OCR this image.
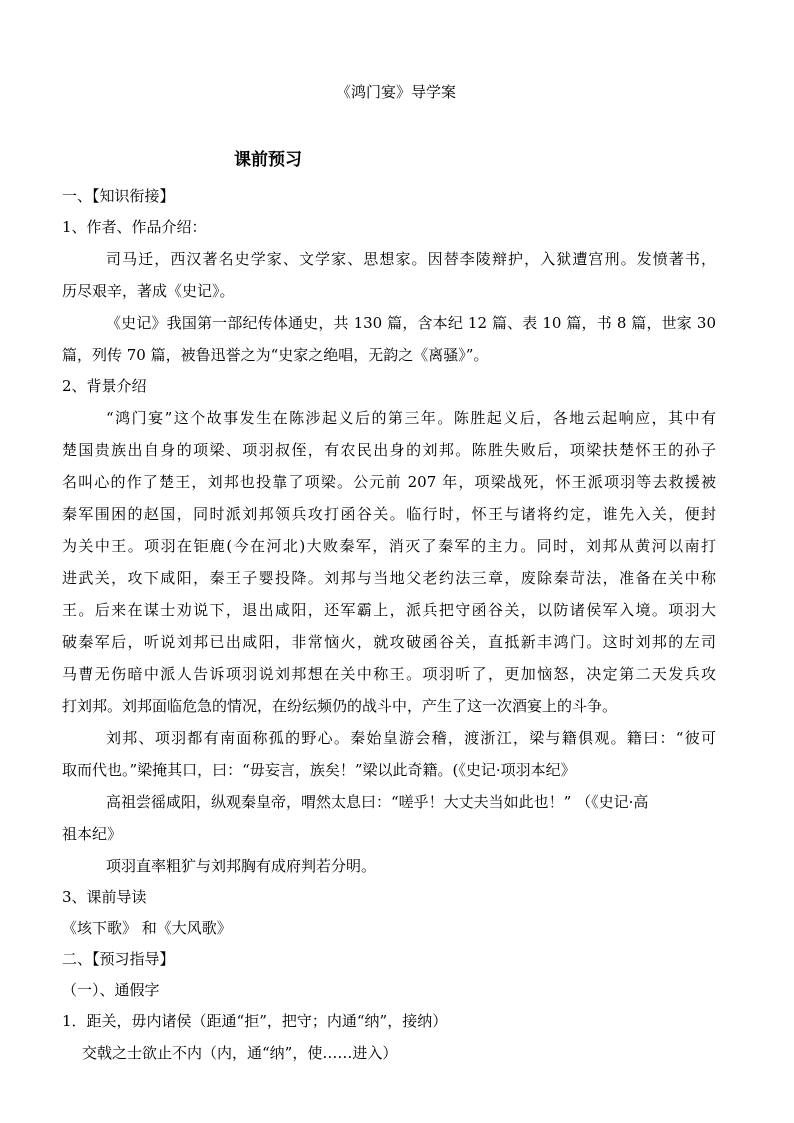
《鸿门宴》导学案
课前预习
一、【知识衔接】
1、作者、作品介绍：
司马迁，西汉著名史学家、文学家、思想家。因替李陵辩护，入狱遭宫刑。发愤著书，
历尽艰辛，著成《史记》。
《史记》我国第一部纪传体通史，共 130 篇，含本纪 12 篇、表 10 篇，书 8 篇，世家 30
篇，列传 70 篇，被鲁迅誉之为“史家之绝唱，无韵之《离骚》”。
2、背景介绍
“鸿门宴”这个故事发生在陈涉起义后的第三年。陈胜起义后，各地云起响应，其中有
楚国贵族出自身的项梁、项羽叔侄，有农民出身的刘邦。陈胜失败后，项梁扶楚怀王的孙子
名叫心的作了楚王，刘邦也投靠了项梁。公元前 207 年，项梁战死，怀王派项羽等去救援被
秦军围困的赵国，同时派刘邦领兵攻打函谷关。临行时，怀王与诸将约定，谁先入关，便封
为关中王。项羽在钜鹿(今在河北)大败秦军，消灭了秦军的主力。同时，刘邦从黄河以南打
进武关，攻下咸阳，秦王子婴投降。刘邦与当地父老约法三章，废除秦苛法，准备在关中称
王。后来在谋士劝说下，退出咸阳，还军霸上，派兵把守函谷关，以防诸侯军入境。项羽大
破秦军后，听说刘邦已出咸阳，非常恼火，就攻破函谷关，直抵新丰鸿门。这时刘邦的左司
马曹无伤暗中派人告诉项羽说刘邦想在关中称王。项羽听了，更加恼怒，决定第二天发兵攻
打刘邦。刘邦面临危急的情况，在纷纭频仍的战斗中，产生了这一次酒宴上的斗争。
刘邦、项羽都有南面称孤的野心。秦始皇游会稽，渡浙江，梁与籍俱观。籍曰：“彼可
取而代也。”梁掩其口，曰：“毋妄言，族矣！”梁以此奇籍。(《史记·项羽本纪》
高祖尝徭咸阳，纵观秦皇帝，喟然太息曰：“嗟乎！大丈夫当如此也！” （《史记·高
祖本纪》
项羽直率粗犷与刘邦胸有成府判若分明。
3、课前导读
《垓下歌》 和《大风歌》
二、【预习指导】
（一）、通假字
1．距关，毋内诸侯（距通“拒”，把守；内通“纳”，接纳）
交戟之士欲止不内（内，通“纳”，使……进入）
